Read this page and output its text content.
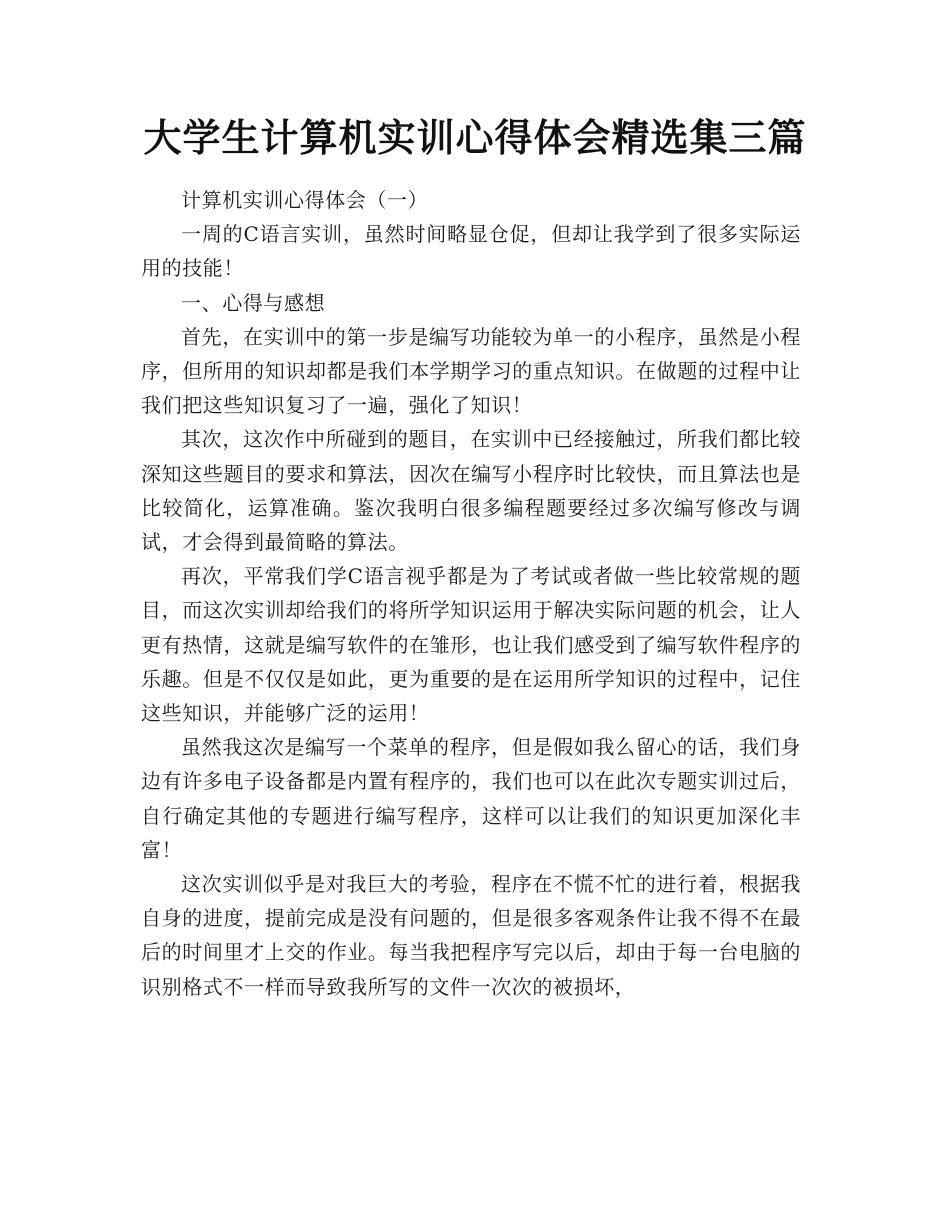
大学生计算机实训心得体会精选集三篇

计算机实训心得体会（一）

一周的C语言实训，虽然时间略显仓促，但却让我学到了很多实际运用的技能！

一、心得与感想

首先，在实训中的第一步是编写功能较为单一的小程序，虽然是小程序，但所用的知识却都是我们本学期学习的重点知识。在做题的过程中让我们把这些知识复习了一遍，强化了知识！

其次，这次作中所碰到的题目，在实训中已经接触过，所我们都比较深知这些题目的要求和算法，因次在编写小程序时比较快，而且算法也是比较简化，运算准确。鉴次我明白很多编程题要经过多次编写修改与调试，才会得到最简略的算法。

再次，平常我们学C语言视乎都是为了考试或者做一些比较常规的题目，而这次实训却给我们的将所学知识运用于解决实际问题的机会，让人更有热情，这就是编写软件的在雏形，也让我们感受到了编写软件程序的乐趣。但是不仅仅是如此，更为重要的是在运用所学知识的过程中，记住这些知识，并能够广泛的运用！

虽然我这次是编写一个菜单的程序，但是假如我么留心的话，我们身边有许多电子设备都是内置有程序的，我们也可以在此次专题实训过后，自行确定其他的专题进行编写程序，这样可以让我们的知识更加深化丰富！

这次实训似乎是对我巨大的考验，程序在不慌不忙的进行着，根据我自身的进度，提前完成是没有问题的，但是很多客观条件让我不得不在最后的时间里才上交的作业。每当我把程序写完以后，却由于每一台电脑的识别格式不一样而导致我所写的文件一次次的被损坏，
